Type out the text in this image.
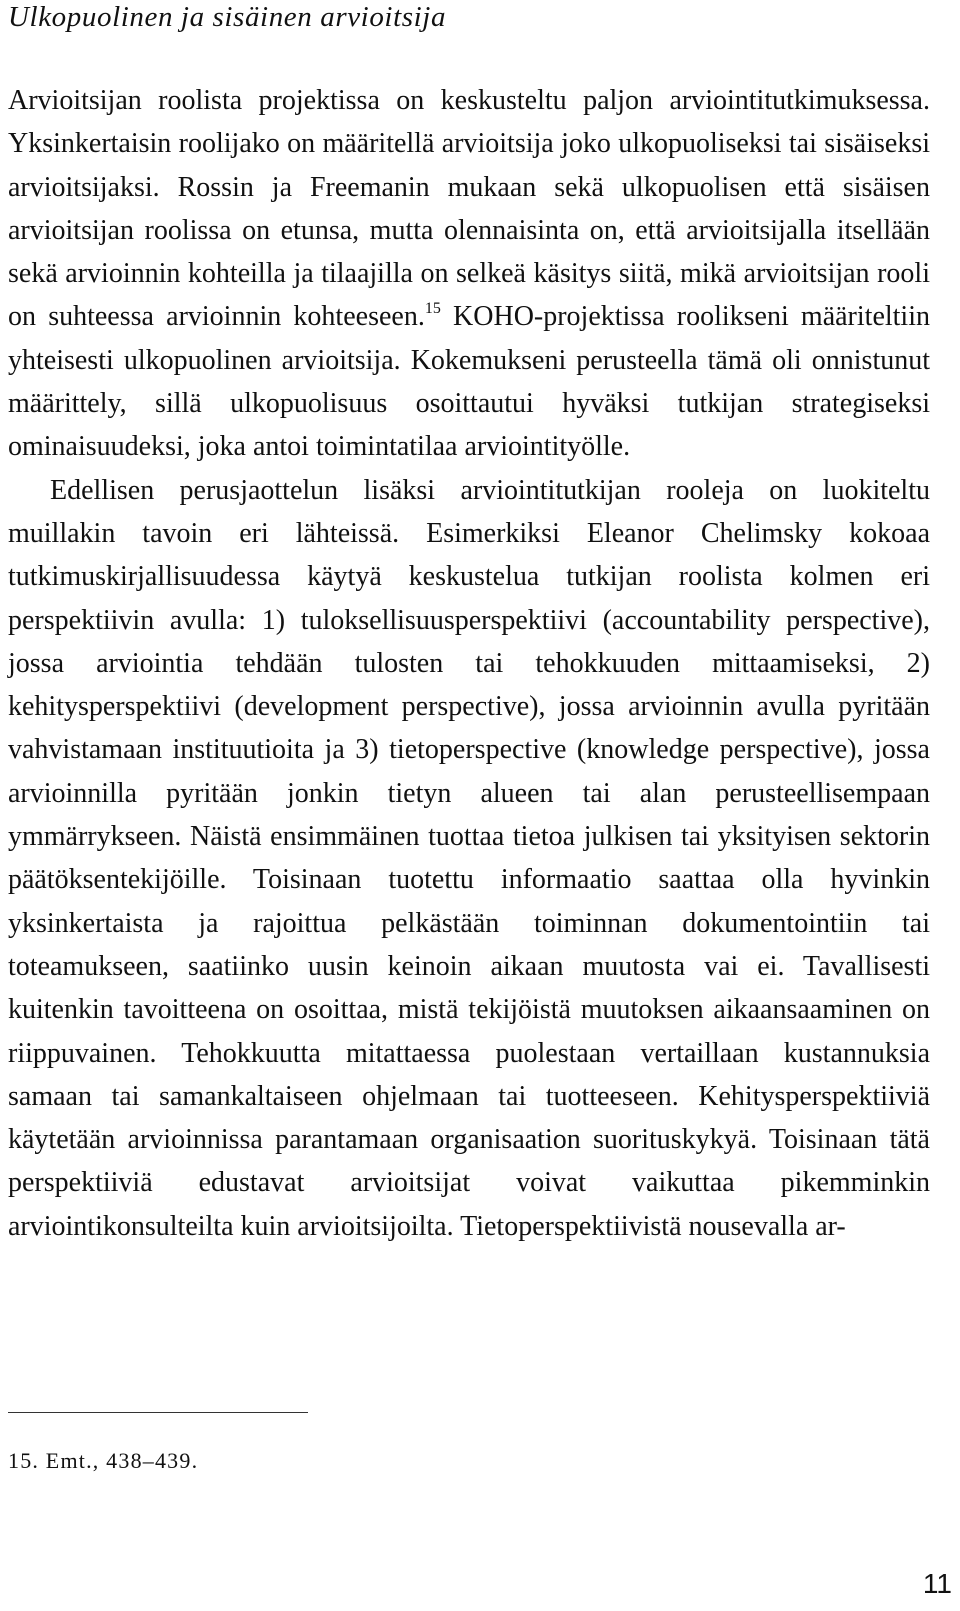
Ulkopuolinen ja sisäinen arvioitsija

Arvioitsijan roolista projektissa on keskusteltu paljon arviointitutkimuksessa. Yksinkertaisin roolijako on määritellä arvioitsija joko ulkopuoliseksi tai sisäiseksi arvioitsijaksi. Rossin ja Freemanin mukaan sekä ulkopuolisen että sisäisen arvioitsijan roolissa on etunsa, mutta olennaisinta on, että arvioitsijalla itsellään sekä arvioinnin kohteilla ja tilaajilla on selkeä käsitys siitä, mikä arvioitsijan rooli on suhteessa arvioinnin kohteeseen.$^{15}$ KOHO-projektissa roolikseni määriteltiin yhteisesti ulkopuolinen arvioitsija. Kokemukseni perusteella tämä oli onnistunut määrittely, sillä ulkopuolisuus osoittautui hyväksi tutkijan strategiseksi ominaisuudeksi, joka antoi toimintatilaa arviointityölle.

Edellisen perusjaottelun lisäksi arviointitutkijan rooleja on luokiteltu muillakin tavoin eri lähteissä. Esimerkiksi Eleanor Chelimsky kokoaa tutkimuskirjallisuudessa käytyä keskustelua tutkijan roolista kolmen eri perspektiivin avulla: 1) tuloksellisuusperspektiivi (accountability perspective), jossa arviointia tehdään tulosten tai tehokkuuden mittaamiseksi, 2) kehitysperspektiivi (development perspective), jossa arvioinnin avulla pyritään vahvistamaan instituutioita ja 3) tietoperspective (knowledge perspective), jossa arvioinnilla pyritään jonkin tietyn alueen tai alan perusteellisempaan ymmärrykseen. Näistä ensimmäinen tuottaa tietoa julkisen tai yksityisen sektorin päätöksentekijöille. Toisinaan tuotettu informaatio saattaa olla hyvinkin yksinkertaista ja rajoittua pelkästään toiminnan dokumentointiin tai toteamukseen, saatiinko uusin keinoin aikaan muutosta vai ei. Tavallisesti kuitenkin tavoitteena on osoittaa, mistä tekijöistä muutoksen aikaansaaminen on riippuvainen. Tehokkuutta mitattaessa puolestaan vertaillaan kustannuksia samaan tai samankaltaiseen ohjelmaan tai tuotteeseen. Kehitysperspektiiviä käytetään arvioinnissa parantamaan organisaation suorituskykyä. Toisinaan tätä perspektiiviä edustavat arvioitsijat voivat vaikuttaa pikemminkin arviointikonsulteilta kuin arvioitsijoilta. Tietoperspektiivistä nousevalla ar-

15. Emt., 438–439.
11
